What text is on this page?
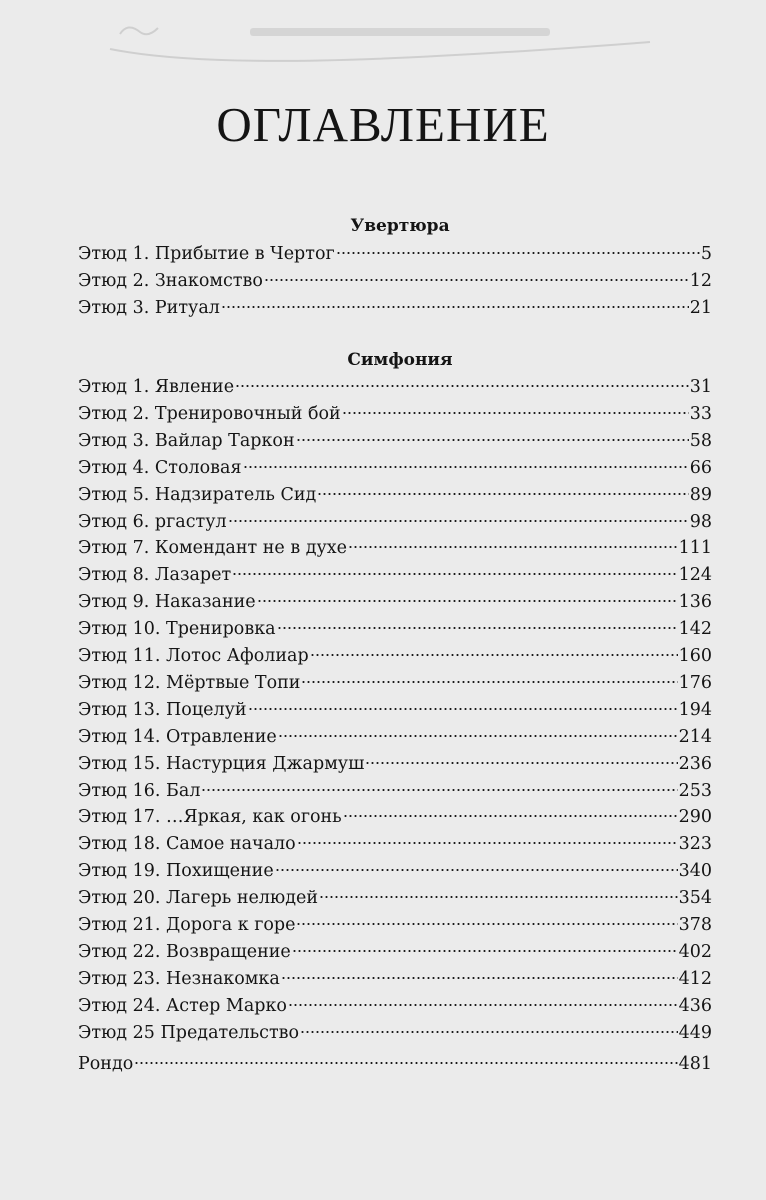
ОГЛАВЛЕНИЕ
Увертюра
Этюд 1. Прибытие в Чертог	5
Этюд 2. Знакомство	12
Этюд 3. Ритуал	21
Симфония
Этюд 1. Явление	31
Этюд 2. Тренировочный бой	33
Этюд 3. Вайлар Таркон	58
Этюд 4. Столовая	66
Этюд 5. Надзиратель Сид	89
Этюд 6. ргастул	98
Этюд 7. Комендант не в духе	111
Этюд 8. Лазарет	124
Этюд 9. Наказание	136
Этюд 10. Тренировка	142
Этюд 11. Лотос Афолиар	160
Этюд 12. Мёртвые Топи	176
Этюд 13. Поцелуй	194
Этюд 14. Отравление	214
Этюд 15. Настурция Джармуш	236
Этюд 16. Бал	253
Этюд 17. …Яркая, как огонь	290
Этюд 18. Самое начало	323
Этюд 19. Похищение	340
Этюд 20. Лагерь нелюдей	354
Этюд 21. Дорога к горе	378
Этюд 22. Возвращение	402
Этюд 23. Незнакомка	412
Этюд 24. Астер Марко	436
Этюд 25 Предательство	449
Рондо	481
